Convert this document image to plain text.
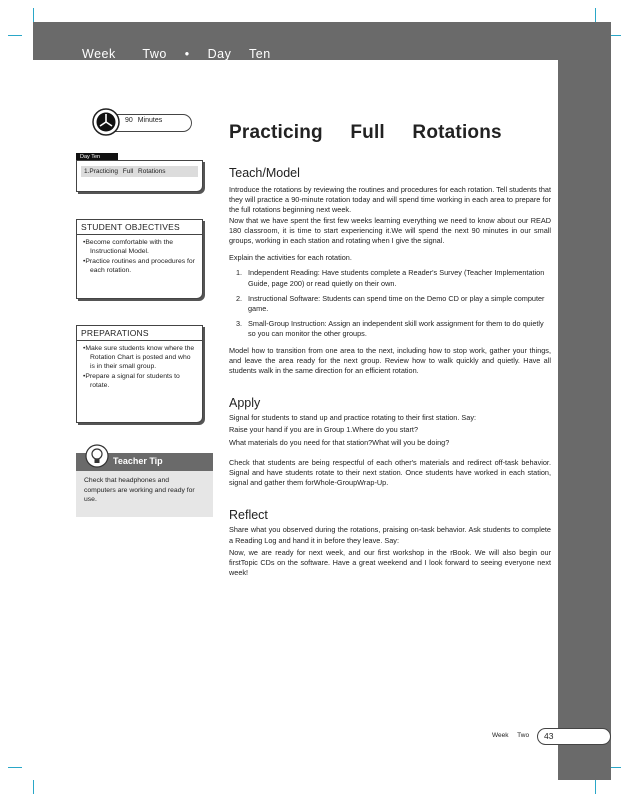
Week   Two  •  Day  Ten
90 Minutes
Day Ten
1.Practicing Full Rotations
STUDENT OBJECTIVES
•Become comfortable with the Instructional Model.
•Practice routines and procedures for each rotation.
PREPARATIONS
•Make sure students know where the Rotation Chart is posted and who is in their small group.
•Prepare a signal for students to rotate.
Teacher Tip
Check that headphones and computers are working and ready for use.
Practicing Full Rotations
Teach/Model

Introduce the rotations by reviewing the routines and procedures for each rotation. Tell students that they will practice a 90-minute rotation today and will spend time working in each area to prepare for the full rotations beginning next week.

Now that we have spent the first few weeks learning everything we need to know about our READ 180 classroom, it is time to start experiencing it.We will spend the next 90 minutes in our small groups, working in each station and rotating when I give the signal.

Explain the activities for each rotation.

1. Independent Reading: Have students complete a Reader's Survey (Teacher Implementation Guide, page 200) or read quietly on their own.
2. Instructional Software: Students can spend time on the Demo CD or play a simple computer game.
3. Small-Group Instruction: Assign an independent skill work assignment for them to do quietly so you can monitor the other groups.

Model how to transition from one area to the next, including how to stop work, gather your things, and leave the area ready for the next group. Review how to walk quickly and quietly. Have all students walk in the same direction for an efficient rotation.

Apply

Signal for students to stand up and practice rotating to their first station. Say:

Raise your hand if you are in Group 1.Where do you start?

What materials do you need for that station?What will you be doing?

Check that students are being respectful of each other's materials and redirect off-task behavior. Signal and have students rotate to their next station. Once students have worked in each station, signal and gather them forWhole-GroupWrap-Up.

Reflect

Share what you observed during the rotations, praising on-task behavior. Ask students to complete a Reading Log and hand it in before they leave. Say:

Now, we are ready for next week, and our first workshop in the rBook. We will also begin our firstTopic CDs on the software. Have a great weekend and I look forward to seeing everyone next week!

Week Two 43
